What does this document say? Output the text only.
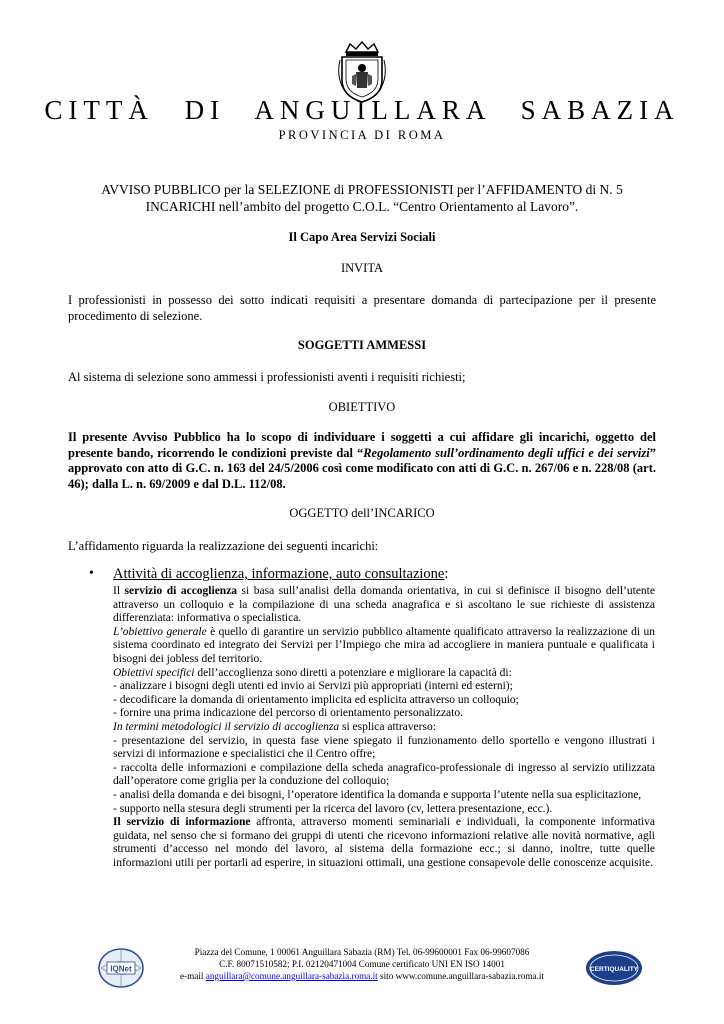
CITTÀ DI ANGUILLARA SABAZIA
PROVINCIA DI ROMA
AVVISO PUBBLICO per la SELEZIONE di PROFESSIONISTI per l’AFFIDAMENTO di N. 5
INCARICHI nell’ambito del progetto C.O.L. “Centro Orientamento al Lavoro”.
Il Capo Area Servizi Sociali
INVITA
I professionisti in possesso dei sotto indicati requisiti a presentare domanda di partecipazione per il presente procedimento di selezione.
SOGGETTI AMMESSI
Al sistema di selezione sono ammessi i professionisti aventi i requisiti richiesti;
OBIETTIVO
Il presente Avviso Pubblico ha lo scopo di individuare i soggetti a cui affidare gli incarichi, oggetto del presente bando, ricorrendo le condizioni previste dal “Regolamento sull’ordinamento degli uffici e dei servizi” approvato con atto di G.C. n. 163 del 24/5/2006 così come modificato con atti di G.C. n. 267/06 e n. 228/08 (art. 46); dalla L. n. 69/2009 e dal D.L. 112/08.
OGGETTO dell’INCARICO
L’affidamento riguarda la realizzazione dei seguenti incarichi:
• Attività di accoglienza, informazione, auto consultazione:

Il servizio di accoglienza si basa sull’analisi della domanda orientativa, in cui si definisce il bisogno dell’utente attraverso un colloquio e la compilazione di una scheda anagrafica e si ascoltano le sue richieste di assistenza differenziata: informativa o specialistica.

L’obiettivo generale è quello di garantire un servizio pubblico altamente qualificato attraverso la realizzazione di un sistema coordinato ed integrato dei Servizi per l’Impiego che mira ad accogliere in maniera puntuale e qualificata i bisogni dei jobless del territorio.

Obiettivi specifici dell’accoglienza sono diretti a potenziare e migliorare la capacità di:

- analizzare i bisogni degli utenti ed invio ai Servizi più appropriati (interni ed esterni);

- decodificare la domanda di orientamento implicita ed esplicita attraverso un colloquio;

- fornire una prima indicazione del percorso di orientamento personalizzato.

In termini metodologici il servizio di accoglienza si esplica attraverso:

- presentazione del servizio, in questa fase viene spiegato il funzionamento dello sportello e vengono illustrati i servizi di informazione e specialistici che il Centro offre;

- raccolta delle informazioni e compilazione della scheda anagrafico-professionale di ingresso al servizio utilizzata dall’operatore come griglia per la conduzione del colloquio;

- analisi della domanda e dei bisogni, l’operatore identifica la domanda e supporta l’utente nella sua esplicitazione,

- supporto nella stesura degli strumenti per la ricerca del lavoro (cv, lettera presentazione, ecc.).

Il servizio di informazione affronta, attraverso momenti seminariali e individuali, la componente informativa guidata, nel senso che si formano dei gruppi di utenti che ricevono informazioni relative alle novità normative, agli strumenti d’accesso nel mondo del lavoro, al sistema della formazione ecc.; si danno, inoltre, tutte quelle informazioni utili per portarli ad esperire, in situazioni ottimali, una gestione consapevole delle conoscenze acquisite.

IQNet	CERTIQUALITY
Piazza del Comune, 1 00061 Anguillara Sabazia (RM) Tel. 06-99600001 Fax 06-99607086
C.F. 80071510582; P.I. 02120471004 Comune certificato UNI EN ISO 14001
e-mail anguillara@comune.anguillara-sabazia.roma.it sito www.comune.anguillara-sabazia.roma.it
